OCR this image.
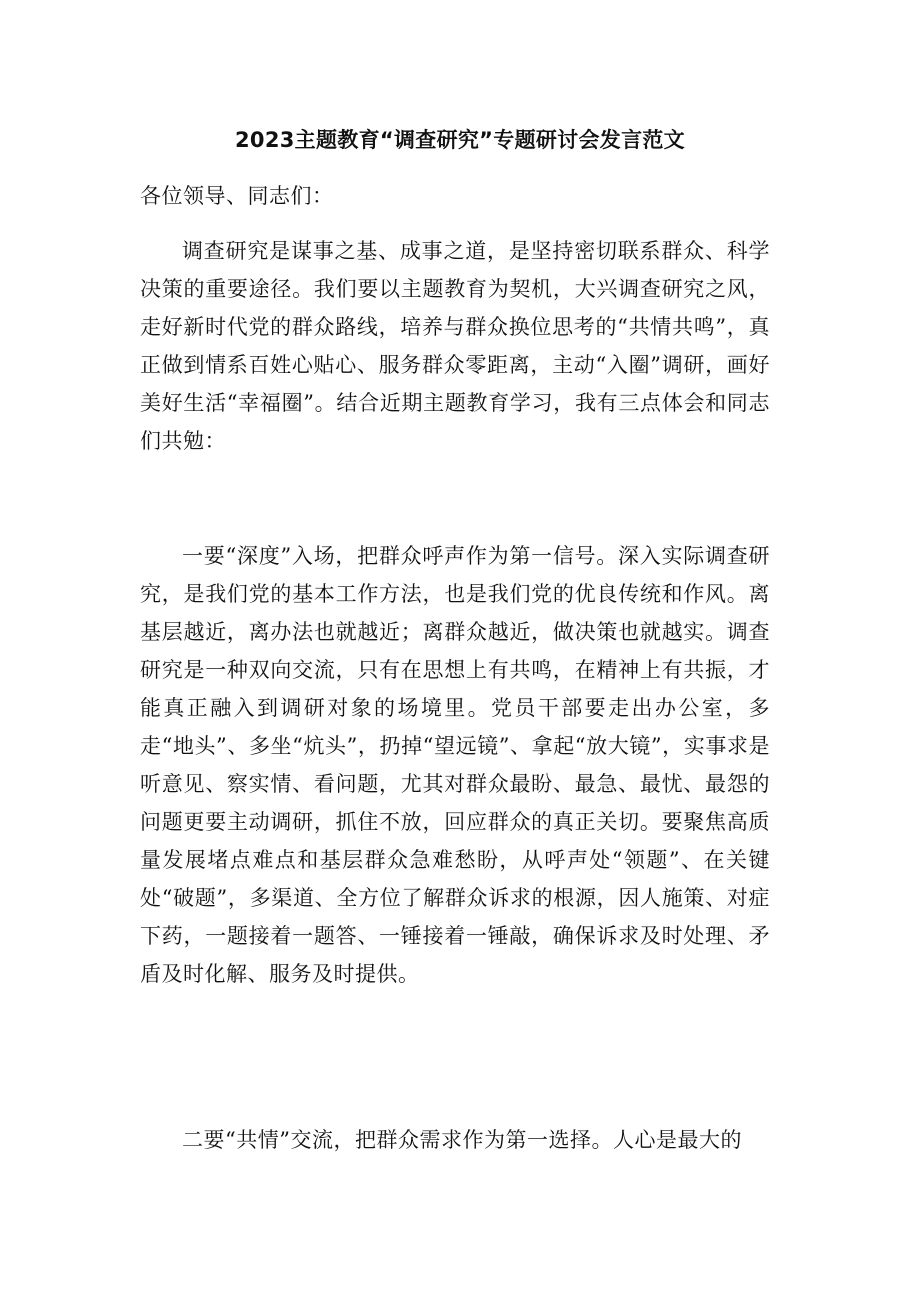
2023主题教育“调查研究”专题研讨会发言范文

各位领导、同志们：

调查研究是谋事之基、成事之道，是坚持密切联系群众、科学决策的重要途径。我们要以主题教育为契机，大兴调查研究之风，走好新时代党的群众路线，培养与群众换位思考的“共情共鸣”，真正做到情系百姓心贴心、服务群众零距离，主动“入圈”调研，画好美好生活“幸福圈”。结合近期主题教育学习，我有三点体会和同志们共勉：

一要“深度”入场，把群众呼声作为第一信号。深入实际调查研究，是我们党的基本工作方法，也是我们党的优良传统和作风。离基层越近，离办法也就越近；离群众越近，做决策也就越实。调查研究是一种双向交流，只有在思想上有共鸣，在精神上有共振，才能真正融入到调研对象的场境里。党员干部要走出办公室，多走“地头”、多坐“炕头”，扔掉“望远镜”、拿起“放大镜”，实事求是听意见、察实情、看问题，尤其对群众最盼、最急、最忧、最怨的问题更要主动调研，抓住不放，回应群众的真正关切。要聚焦高质量发展堵点难点和基层群众急难愁盼，从呼声处“领题”、在关键处“破题”，多渠道、全方位了解群众诉求的根源，因人施策、对症下药，一题接着一题答、一锤接着一锤敲，确保诉求及时处理、矛盾及时化解、服务及时提供。

二要“共情”交流，把群众需求作为第一选择。人心是最大的
